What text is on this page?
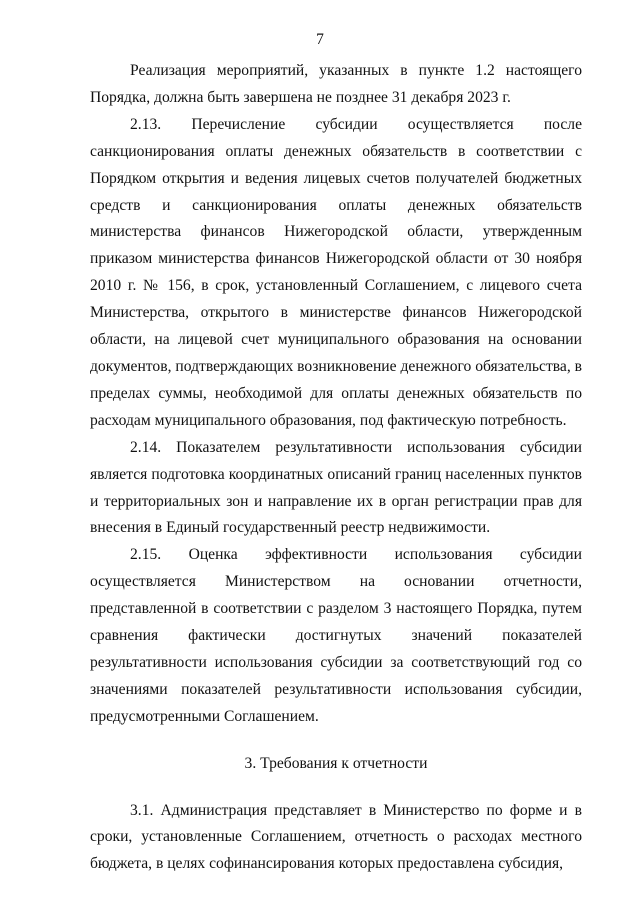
7

Реализация мероприятий, указанных в пункте 1.2 настоящего Порядка, должна быть завершена не позднее 31 декабря 2023 г.

2.13. Перечисление субсидии осуществляется после санкционирования оплаты денежных обязательств в соответствии с Порядком открытия и ведения лицевых счетов получателей бюджетных средств и санкционирования оплаты денежных обязательств министерства финансов Нижегородской области, утвержденным приказом министерства финансов Нижегородской области от 30 ноября 2010 г. № 156, в срок, установленный Соглашением, с лицевого счета Министерства, открытого в министерстве финансов Нижегородской области, на лицевой счет муниципального образования на основании документов, подтверждающих возникновение денежного обязательства, в пределах суммы, необходимой для оплаты денежных обязательств по расходам муниципального образования, под фактическую потребность.

2.14. Показателем результативности использования субсидии является подготовка координатных описаний границ населенных пунктов и территориальных зон и направление их в орган регистрации прав для внесения в Единый государственный реестр недвижимости.

2.15. Оценка эффективности использования субсидии осуществляется Министерством на основании отчетности, представленной в соответствии с разделом 3 настоящего Порядка, путем сравнения фактически достигнутых значений показателей результативности использования субсидии за соответствующий год со значениями показателей результативности использования субсидии, предусмотренными Соглашением.

3. Требования к отчетности

3.1. Администрация представляет в Министерство по форме и в сроки, установленные Соглашением, отчетность о расходах местного бюджета, в целях софинансирования которых предоставлена субсидия,
